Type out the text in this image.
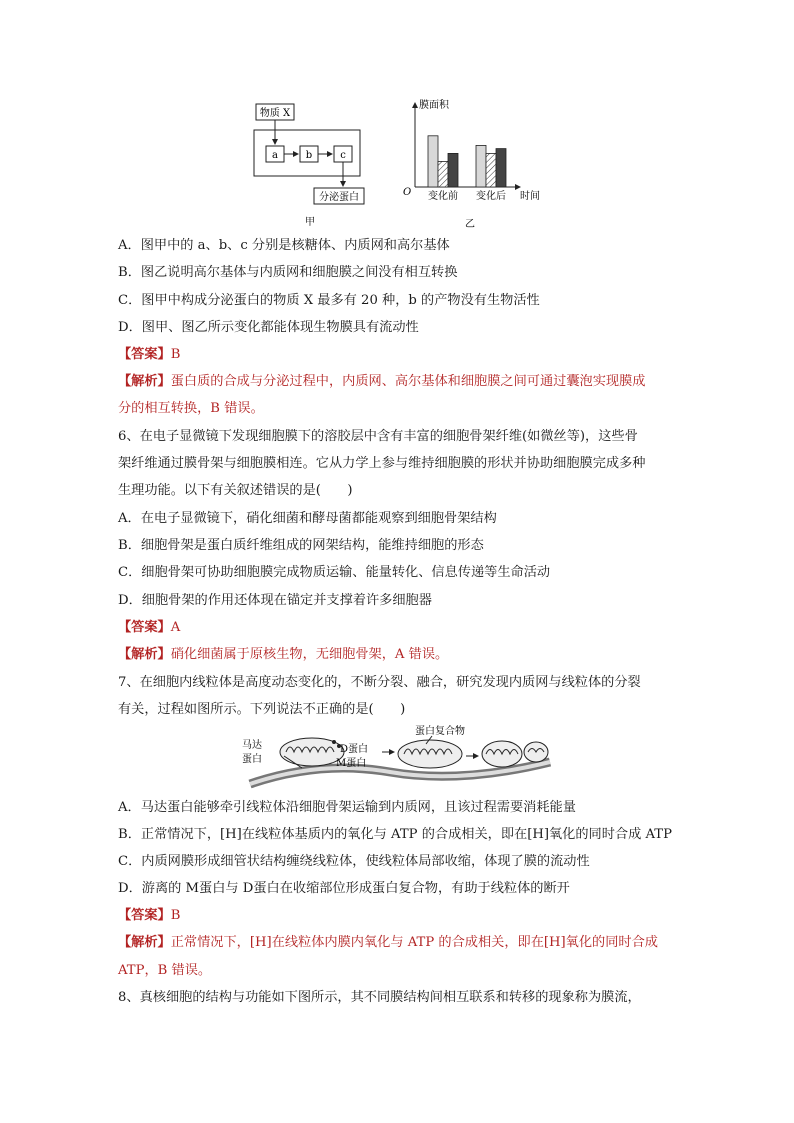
物质 X
a	b	c
分泌蛋白
甲
膜面积
O	时间
变化前 变化后
乙
A．图甲中的 a、b、c 分别是核糖体、内质网和高尔基体
B．图乙说明高尔基体与内质网和细胞膜之间没有相互转换
C．图甲中构成分泌蛋白的物质 X 最多有 20 种，b 的产物没有生物活性
D．图甲、图乙所示变化都能体现生物膜具有流动性
【答案】B
【解析】蛋白质的合成与分泌过程中，内质网、高尔基体和细胞膜之间可通过囊泡实现膜成
分的相互转换，B 错误。
6、在电子显微镜下发现细胞膜下的溶胶层中含有丰富的细胞骨架纤维(如微丝等)，这些骨
架纤维通过膜骨架与细胞膜相连。它从力学上参与维持细胞膜的形状并协助细胞膜完成多种
生理功能。以下有关叙述错误的是(　　)
A．在电子显微镜下，硝化细菌和酵母菌都能观察到细胞骨架结构
B．细胞骨架是蛋白质纤维组成的网架结构，能维持细胞的形态
C．细胞骨架可协助细胞膜完成物质运输、能量转化、信息传递等生命活动
D．细胞骨架的作用还体现在锚定并支撑着许多细胞器
【答案】A
【解析】硝化细菌属于原核生物，无细胞骨架，A 错误。
7、在细胞内线粒体是高度动态变化的，不断分裂、融合，研究发现内质网与线粒体的分裂
有关，过程如图所示。下列说法不正确的是(　　)
马达
蛋白
D蛋白
M蛋白
蛋白复合物
A．马达蛋白能够牵引线粒体沿细胞骨架运输到内质网，且该过程需要消耗能量
B．正常情况下，[H]在线粒体基质内的氧化与 ATP 的合成相关，即在[H]氧化的同时合成 ATP
C．内质网膜形成细管状结构缠绕线粒体，使线粒体局部收缩，体现了膜的流动性
D．游离的 M蛋白与 D蛋白在收缩部位形成蛋白复合物，有助于线粒体的断开
【答案】B
【解析】正常情况下，[H]在线粒体内膜内氧化与 ATP 的合成相关，即在[H]氧化的同时合成
ATP，B 错误。
8、真核细胞的结构与功能如下图所示，其不同膜结构间相互联系和转移的现象称为膜流，
